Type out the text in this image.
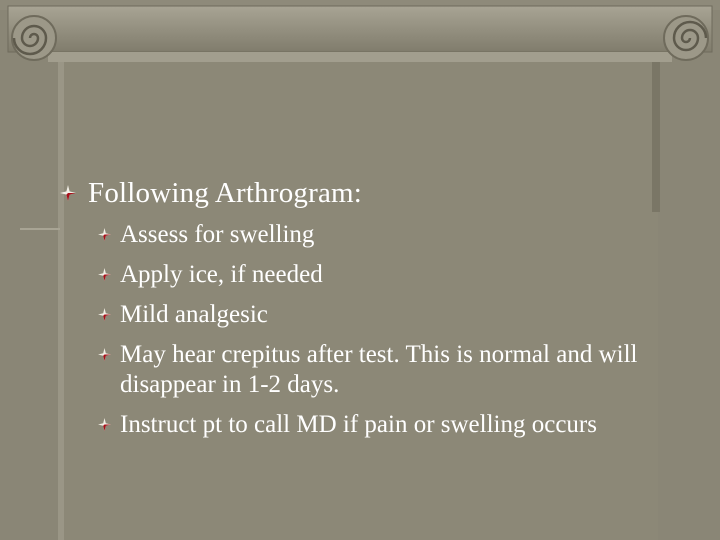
Following Arthrogram:
Assess for swelling
Apply ice, if needed
Mild analgesic
May hear crepitus after test. This is normal and will disappear in 1-2 days.
Instruct pt to call MD if pain or swelling occurs
